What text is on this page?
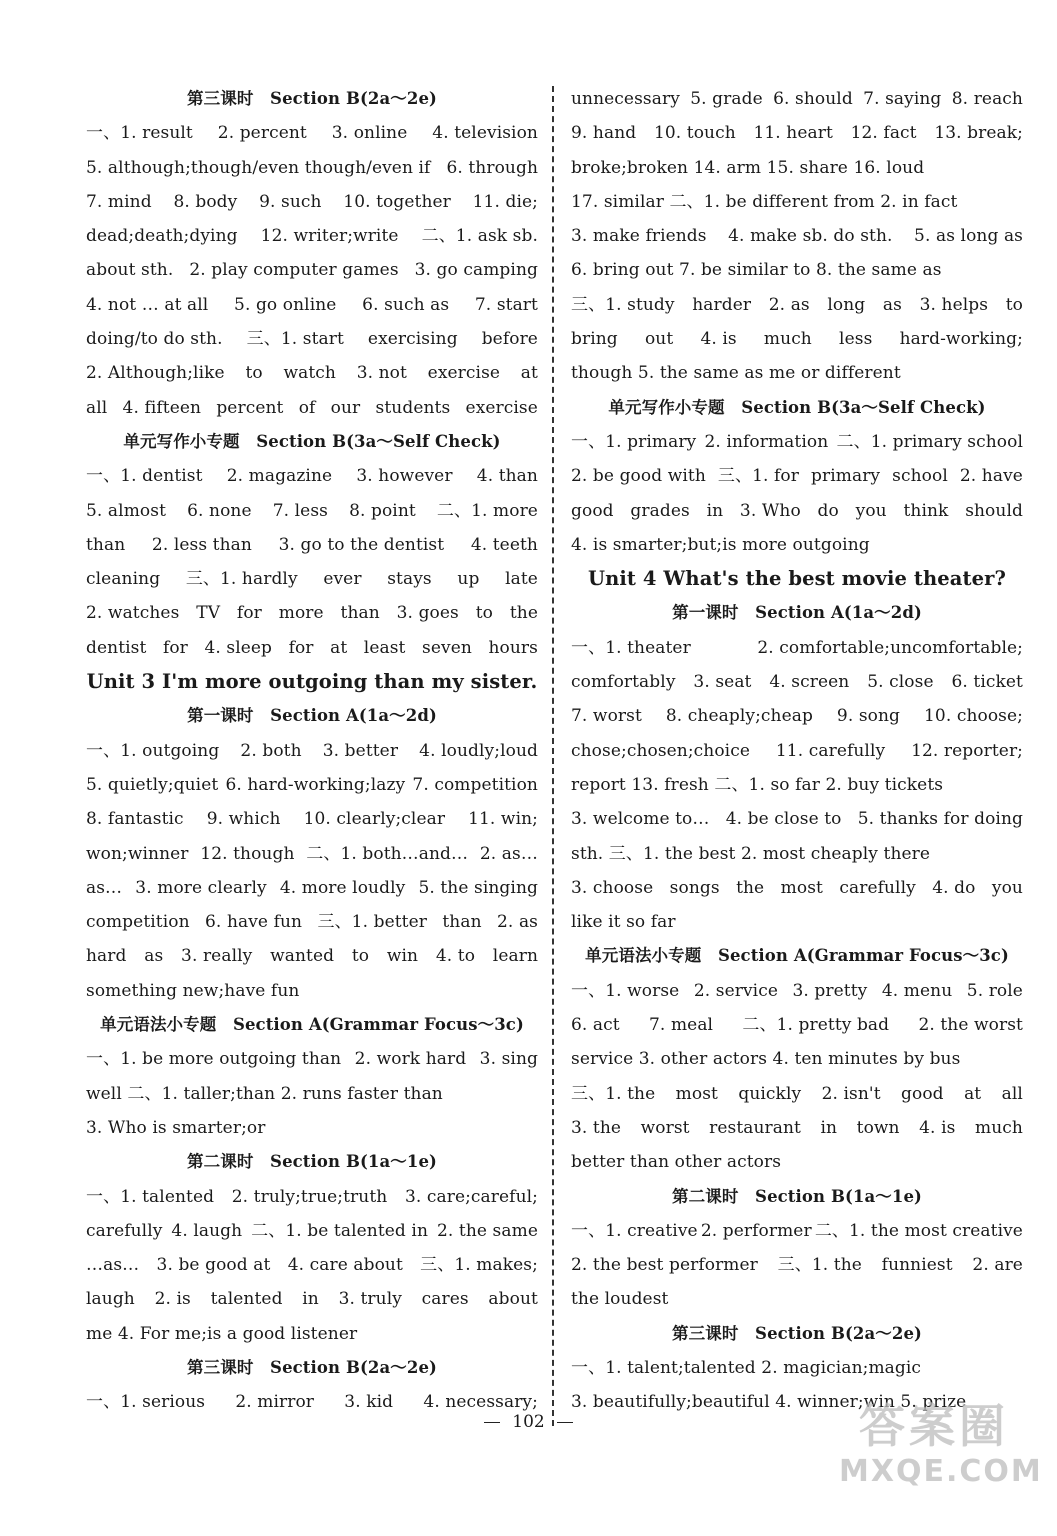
第三课时　Section B(2a～2e)
一、1. result 2. percent 3. online 4. television
5. although;though/even though/even if 6. through
7. mind 8. body 9. such 10. together 11. die;
dead;death;dying 12. writer;write 二、1. ask sb.
about sth. 2. play computer games 3. go camping
4. not … at all 5. go online 6. such as 7. start
doing/to do sth. 三、1. start exercising before
2. Although;like to watch 3. not exercise at
all 4. fifteen percent of our students exercise
单元写作小专题　Section B(3a～Self Check)
一、1. dentist 2. magazine 3. however 4. than
5. almost 6. none 7. less 8. point 二、1. more
than 2. less than 3. go to the dentist 4. teeth
cleaning 三、1. hardly ever stays up late
2. watches TV for more than 3. goes to the
dentist for 4. sleep for at least seven hours
Unit 3 I'm more outgoing than my sister.
第一课时　Section A(1a～2d)
一、1. outgoing 2. both 3. better 4. loudly;loud
5. quietly;quiet 6. hard-working;lazy 7. competition
8. fantastic 9. which 10. clearly;clear 11. win;
won;winner 12. though 二、1. both…and… 2. as…
as… 3. more clearly 4. more loudly 5. the singing
competition 6. have fun 三、1. better than 2. as
hard as 3. really wanted to win 4. to learn
something new;have fun
单元语法小专题　Section A(Grammar Focus～3c)
一、1. be more outgoing than 2. work hard 3. sing
well 二、1. taller;than 2. runs faster than
3. Who is smarter;or
第二课时　Section B(1a～1e)
一、1. talented 2. truly;true;truth 3. care;careful;
carefully 4. laugh 二、1. be talented in 2. the same
…as… 3. be good at 4. care about 三、1. makes;
laugh 2. is talented in 3. truly cares about
me 4. For me;is a good listener
第三课时　Section B(2a～2e)
一、1. serious 2. mirror 3. kid 4. necessary;
unnecessary 5. grade 6. should 7. saying 8. reach
9. hand 10. touch 11. heart 12. fact 13. break;
broke;broken 14. arm 15. share 16. loud
17. similar 二、1. be different from 2. in fact
3. make friends 4. make sb. do sth. 5. as long as
6. bring out 7. be similar to 8. the same as
三、1. study harder 2. as long as 3. helps to
bring out 4. is much less hard-working;
though 5. the same as me or different
单元写作小专题　Section B(3a～Self Check)
一、1. primary 2. information 二、1. primary school
2. be good with 三、1. for primary school 2. have
good grades in 3. Who do you think should
4. is smarter;but;is more outgoing
Unit 4 What's the best movie theater?
第一课时　Section A(1a～2d)
一、1. theater	2. comfortable;uncomfortable;
comfortably 3. seat 4. screen 5. close 6. ticket
7. worst 8. cheaply;cheap 9. song 10. choose;
chose;chosen;choice 11. carefully 12. reporter;
report 13. fresh 二、1. so far 2. buy tickets
3. welcome to… 4. be close to 5. thanks for doing
sth. 三、1. the best 2. most cheaply there
3. choose songs the most carefully 4. do you
like it so far
单元语法小专题　Section A(Grammar Focus～3c)
一、1. worse 2. service 3. pretty 4. menu 5. role
6. act 7. meal 二、1. pretty bad 2. the worst
service 3. other actors 4. ten minutes by bus
三、1. the most quickly 2. isn't good at all
3. the worst restaurant in town 4. is much
better than other actors
第二课时　Section B(1a～1e)
一、1. creative 2. performer 二、1. the most creative
2. the best performer 三、1. the funniest 2. are
the loudest
第三课时　Section B(2a～2e)
一、1. talent;talented 2. magician;magic
3. beautifully;beautiful 4. winner;win 5. prize
102	答案圈
MXQE.COM
